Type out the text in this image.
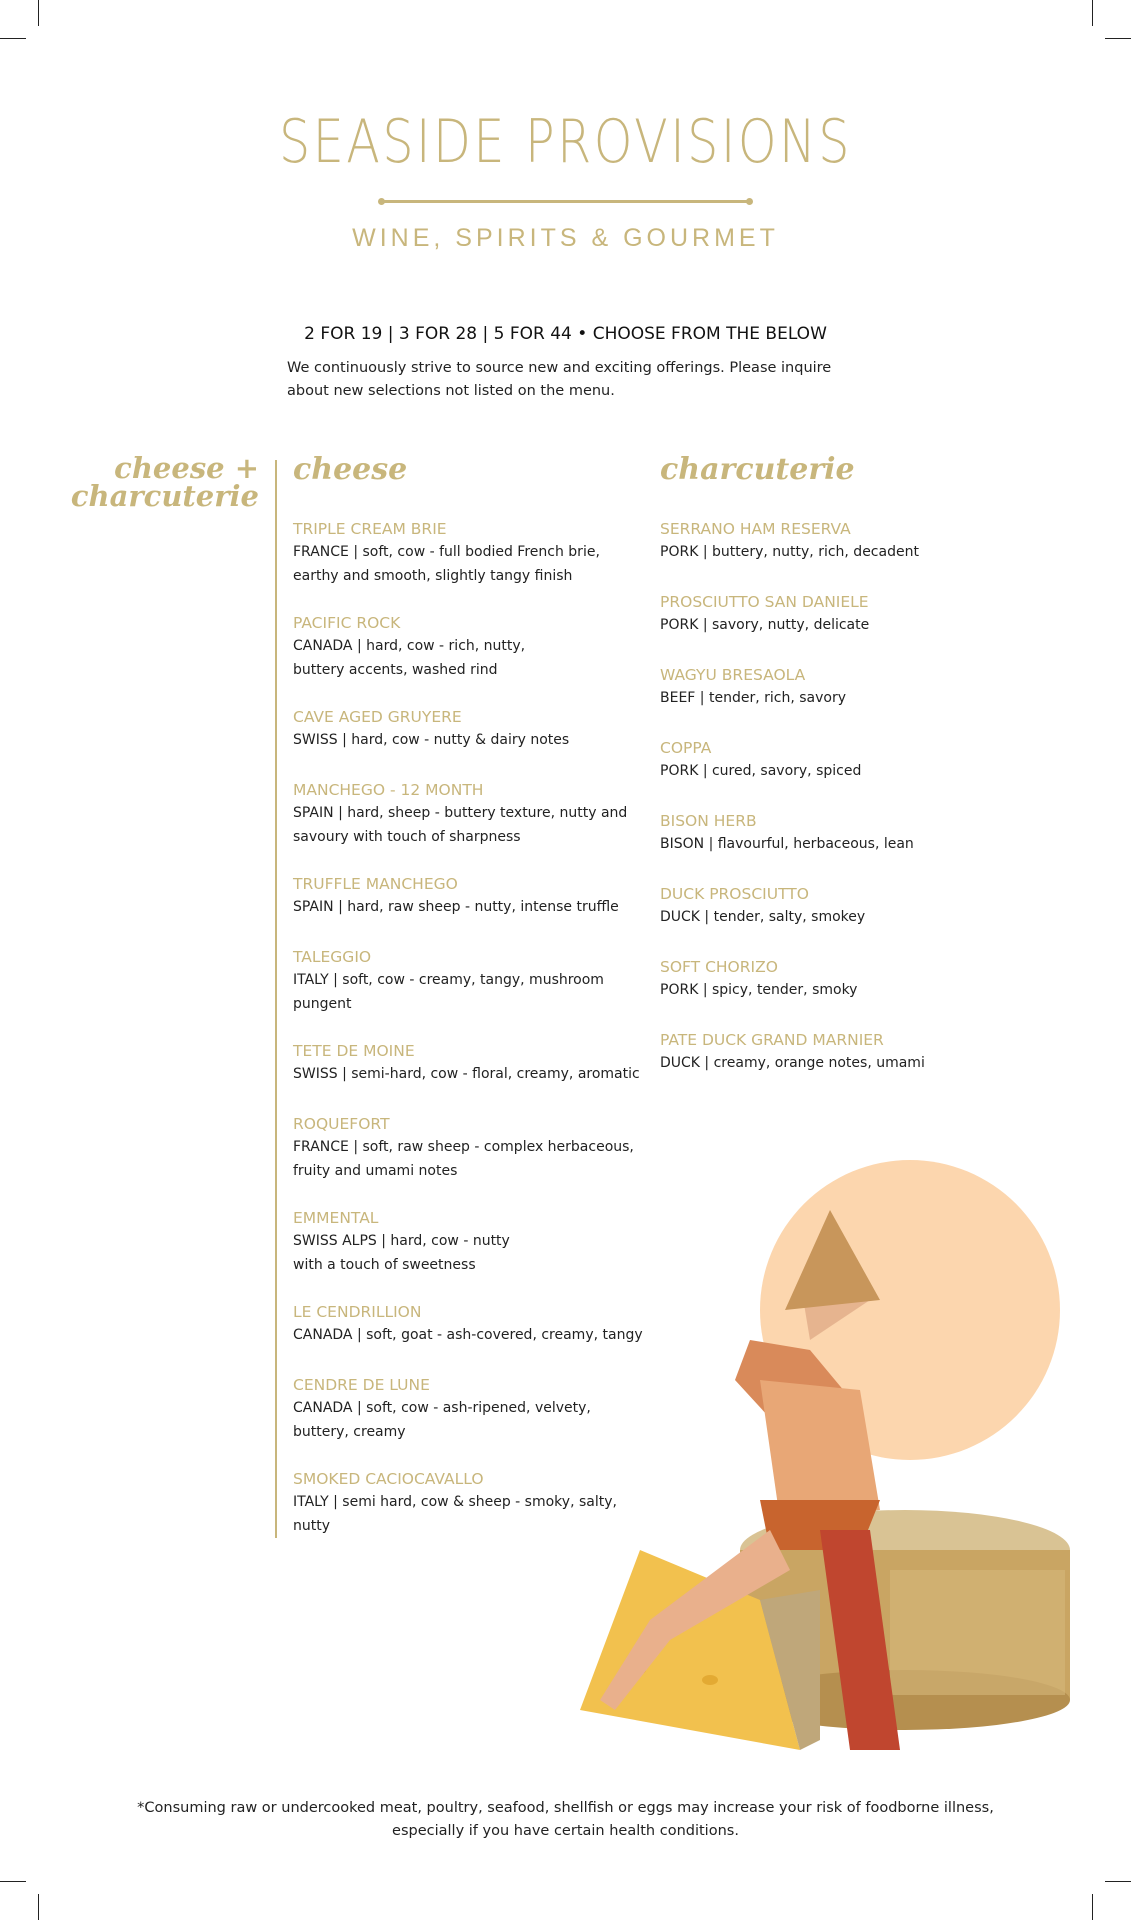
SEASIDE PROVISIONS
WINE, SPIRITS & GOURMET
2 FOR 19 | 3 FOR 28 | 5 FOR 44 • CHOOSE FROM THE BELOW
We continuously strive to source new and exciting offerings. Please inquire about new selections not listed on the menu.
cheese +
charcuterie
cheese
TRIPLE CREAM BRIE
FRANCE | soft, cow - full bodied French brie,
earthy and smooth, slightly tangy finish
PACIFIC ROCK
CANADA | hard, cow - rich, nutty,
buttery accents, washed rind
CAVE AGED GRUYERE
SWISS | hard, cow - nutty & dairy notes
MANCHEGO - 12 MONTH
SPAIN | hard, sheep - buttery texture, nutty and
savoury with touch of sharpness
TRUFFLE MANCHEGO
SPAIN | hard, raw sheep - nutty, intense truffle
TALEGGIO
ITALY | soft, cow - creamy, tangy, mushroom
pungent
TETE DE MOINE
SWISS | semi-hard, cow - floral, creamy, aromatic
ROQUEFORT
FRANCE | soft, raw sheep - complex herbaceous,
fruity and umami notes
EMMENTAL
SWISS ALPS | hard, cow - nutty
with a touch of sweetness
LE CENDRILLION
CANADA | soft, goat - ash-covered, creamy, tangy
CENDRE DE LUNE
CANADA | soft, cow - ash-ripened, velvety,
buttery, creamy
SMOKED CACIOCAVALLO
ITALY | semi hard, cow & sheep - smoky, salty, nutty
charcuterie
SERRANO HAM RESERVA
PORK | buttery, nutty, rich, decadent
PROSCIUTTO SAN DANIELE
PORK | savory, nutty, delicate
WAGYU BRESAOLA
BEEF | tender, rich, savory
COPPA
PORK | cured, savory, spiced
BISON HERB
BISON | flavourful, herbaceous, lean
DUCK PROSCIUTTO
DUCK | tender, salty, smokey
SOFT CHORIZO
PORK | spicy, tender, smoky
PATE DUCK GRAND MARNIER
DUCK | creamy, orange notes, umami
*Consuming raw or undercooked meat, poultry, seafood, shellfish or eggs may increase your risk of foodborne illness, especially if you have certain health conditions.
